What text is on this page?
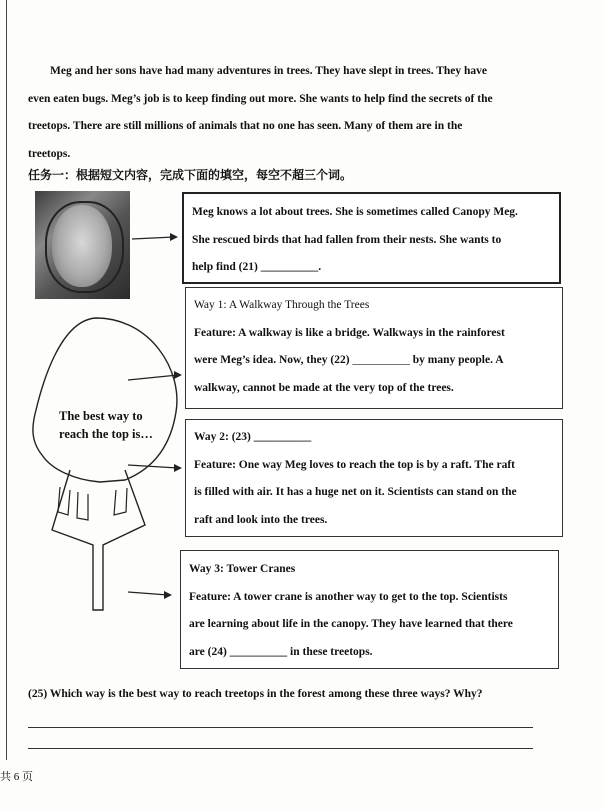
Meg and her sons have had many adventures in trees. They have slept in trees. They have
even eaten bugs. Meg’s job is to keep finding out more. She wants to help find the secrets of the
treetops. There are still millions of animals that no one has seen. Many of them are in the
treetops.
任务一：根据短文内容，完成下面的填空，每空不超三个词。
The best way to reach the top is…
Meg knows a lot about trees. She is sometimes called Canopy Meg.
She rescued birds that had fallen from their nests. She wants to
help find (21) __________.
Way 1: A Walkway Through the Trees
Feature: A walkway is like a bridge. Walkways in the rainforest
were Meg’s idea. Now, they (22) __________ by many people. A
walkway, cannot be made at the very top of the trees.
Way 2: (23) __________
Feature: One way Meg loves to reach the top is by a raft. The raft
is filled with air. It has a huge net on it. Scientists can stand on the
raft and look into the trees.
Way 3: Tower Cranes
Feature: A tower crane is another way to get to the top. Scientists
are learning about life in the canopy. They have learned that there
are (24) __________ in these treetops.
(25) Which way is the best way to reach treetops in the forest among these three ways? Why?
共 6 页
